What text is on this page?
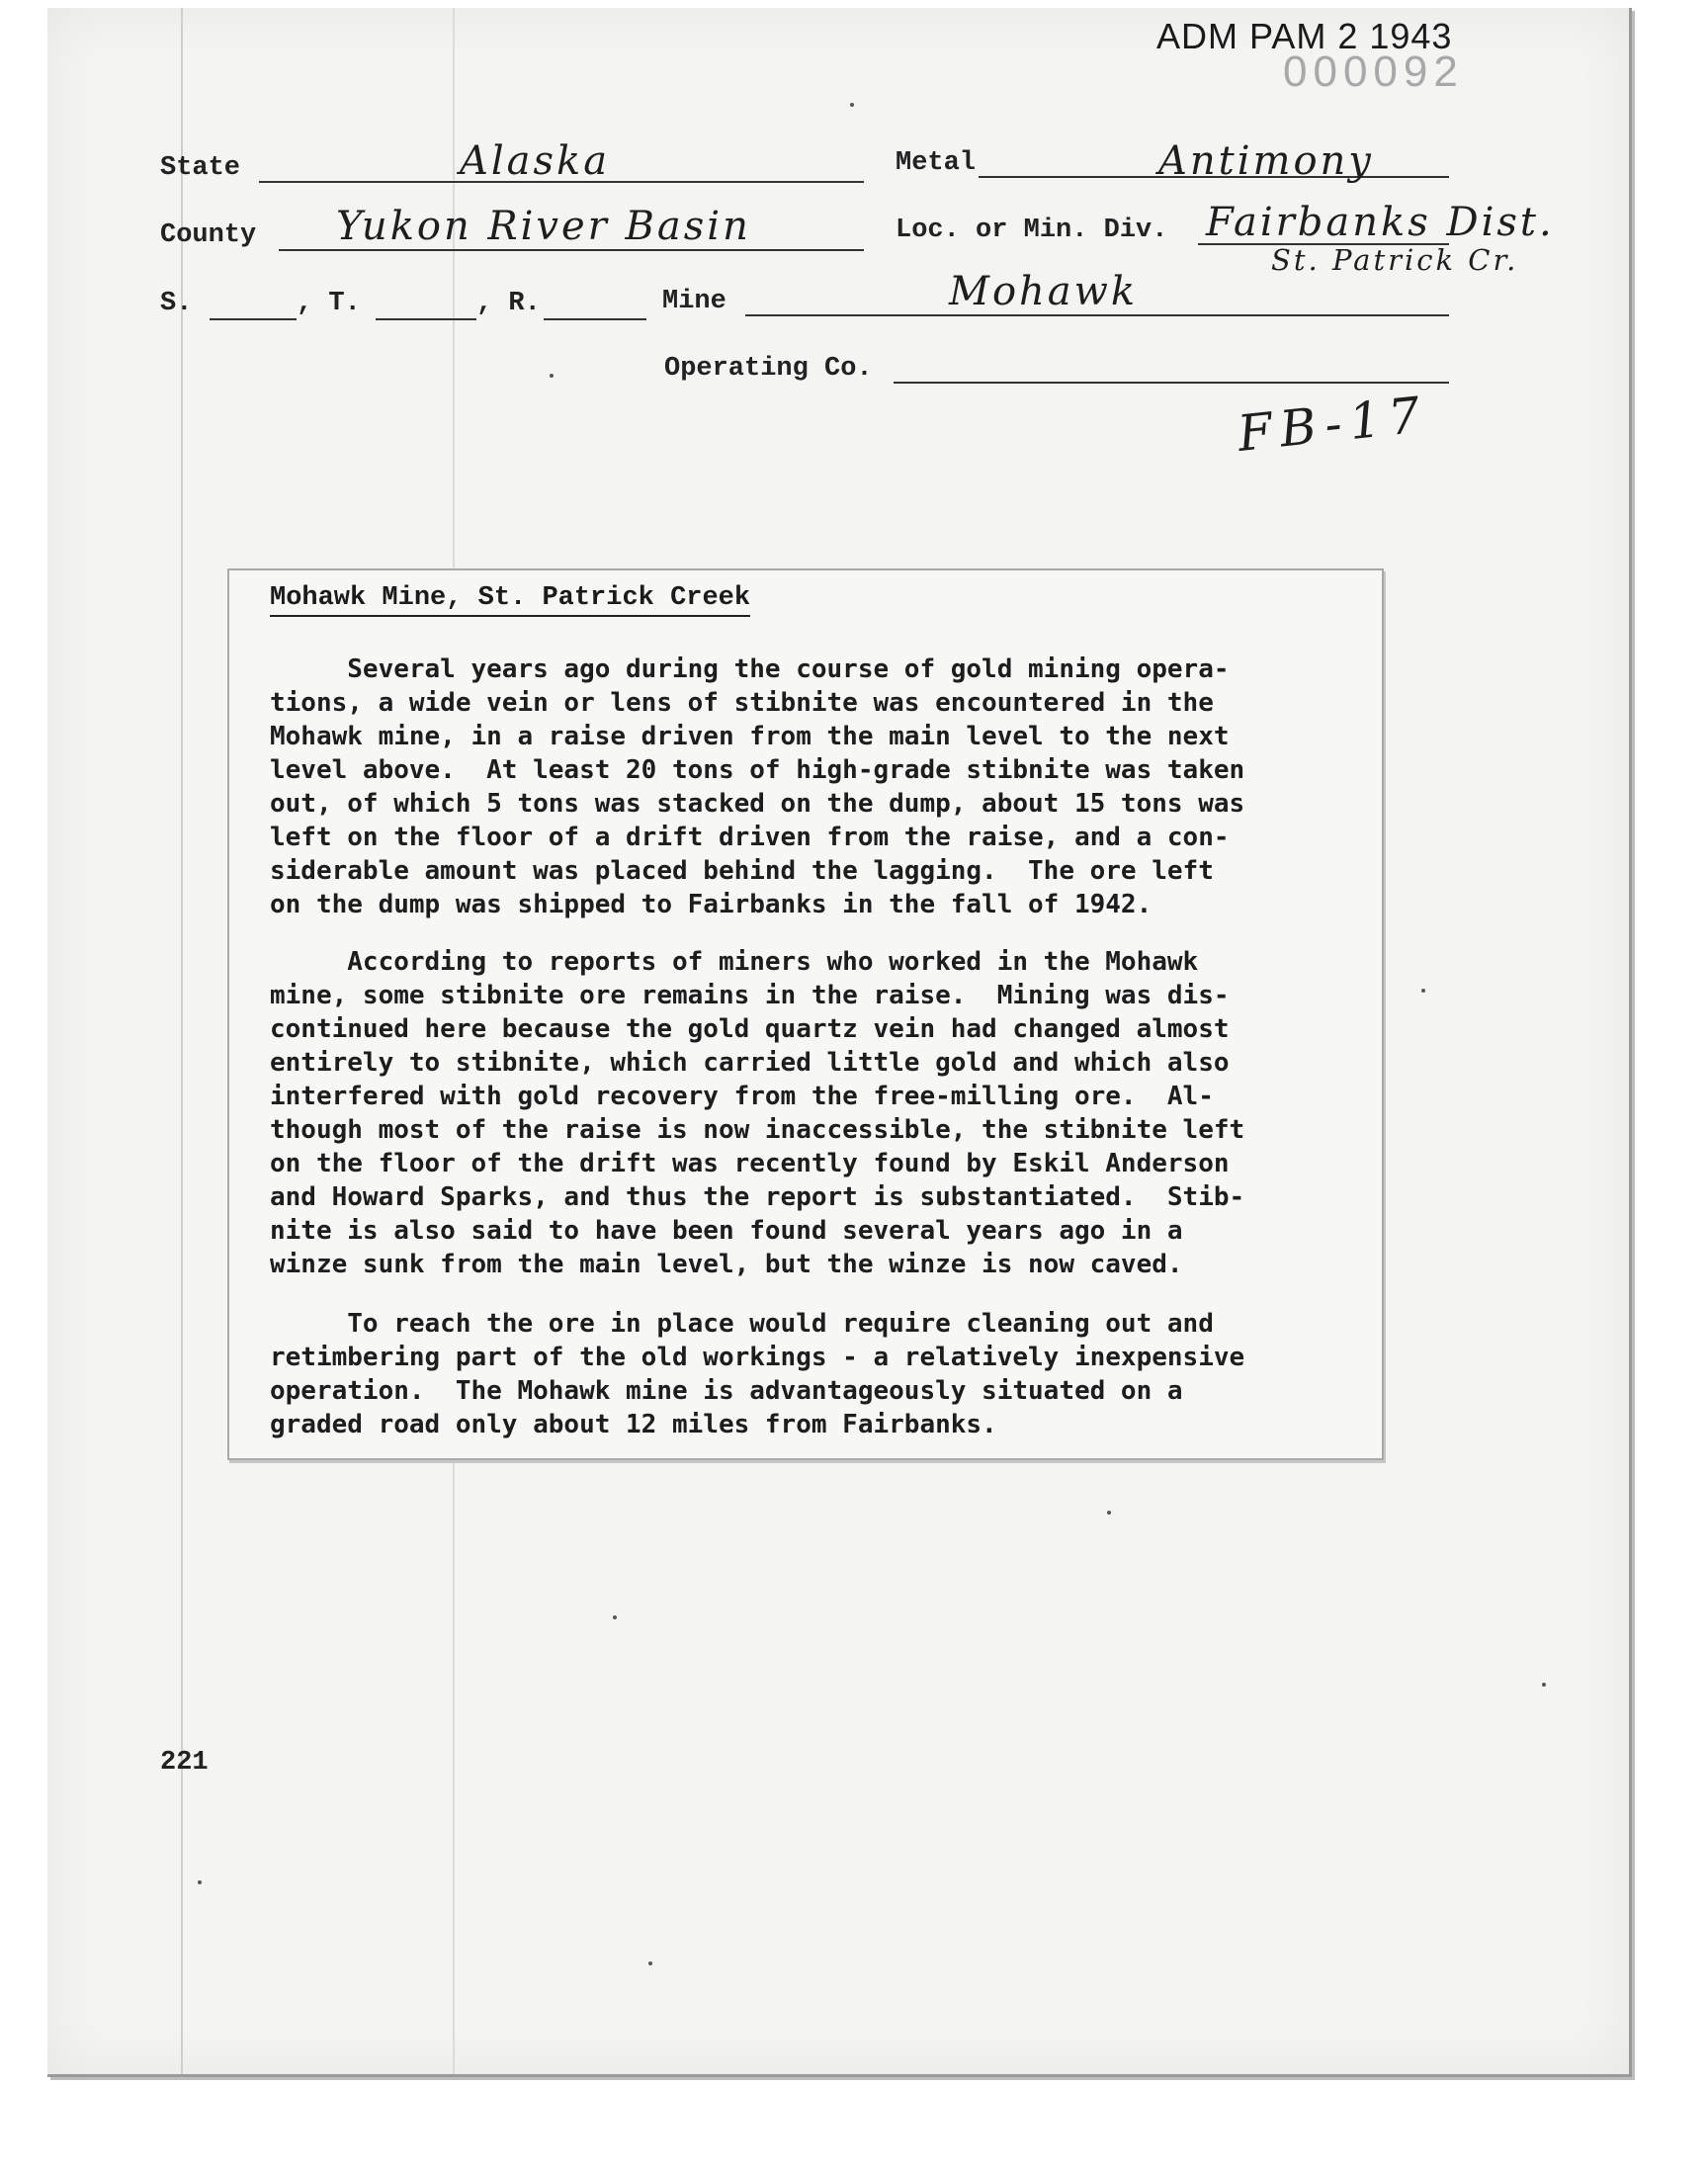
ADM PAM 2 1943
000092
State	Alaska	Metal	Antimony
County Yukon River Basin	Loc. or Min. Div. Fairbanks Dist.
St. Patrick Cr.
S.	, T.	, R.	Mine	Mohawk
Operating Co.
FB-17
Mohawk Mine, St. Patrick Creek
Several years ago during the course of gold mining opera-
tions, a wide vein or lens of stibnite was encountered in the
Mohawk mine, in a raise driven from the main level to the next
level above.  At least 20 tons of high-grade stibnite was taken
out, of which 5 tons was stacked on the dump, about 15 tons was
left on the floor of a drift driven from the raise, and a con-
siderable amount was placed behind the lagging.  The ore left
on the dump was shipped to Fairbanks in the fall of 1942.
According to reports of miners who worked in the Mohawk
mine, some stibnite ore remains in the raise.  Mining was dis-
continued here because the gold quartz vein had changed almost
entirely to stibnite, which carried little gold and which also
interfered with gold recovery from the free-milling ore.  Al-
though most of the raise is now inaccessible, the stibnite left
on the floor of the drift was recently found by Eskil Anderson
and Howard Sparks, and thus the report is substantiated.  Stib-
nite is also said to have been found several years ago in a
winze sunk from the main level, but the winze is now caved.
To reach the ore in place would require cleaning out and
retimbering part of the old workings - a relatively inexpensive
operation.  The Mohawk mine is advantageously situated on a
graded road only about 12 miles from Fairbanks.
221
